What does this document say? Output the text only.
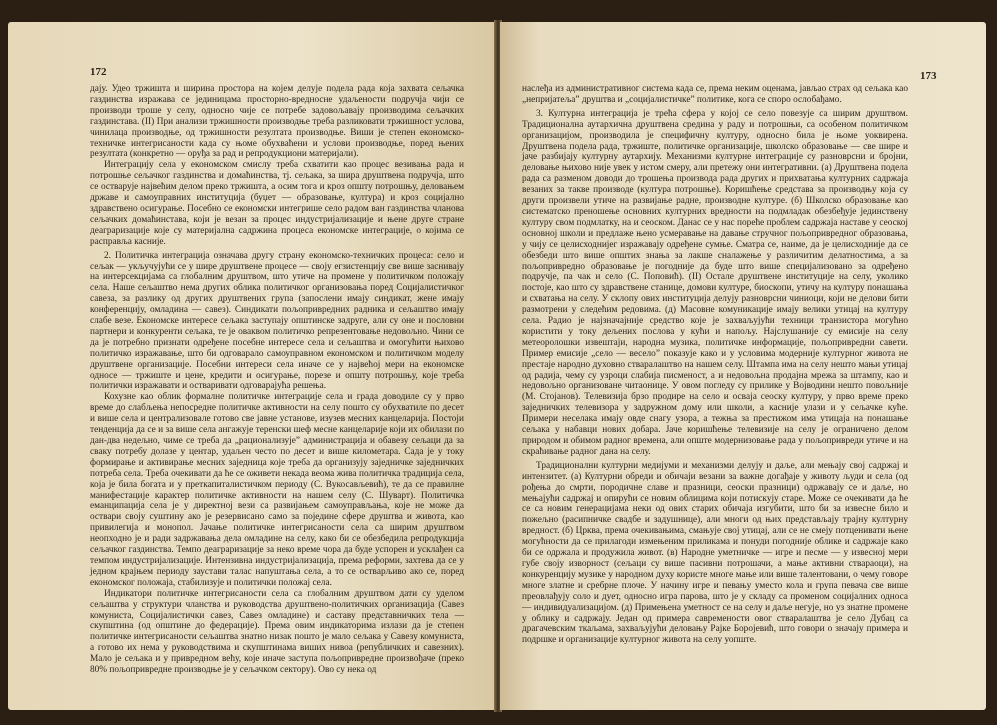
172

дају. Удео тржишта и ширина простора на којем делује подела рада која захвата сељачка газдинства изражава се јединицама просторно-вредносне удаљености подручја чији се производи троше у селу, односно чије се потребе задовољавају производима сељачких газдинстава. (II) При анализи тржишности производње треба разликовати тржишност услова, чинилаца производње, од тржишности резултата производње. Виши је степен економско-техничке интегрисаности када су њоме обухваћени и услови производње, поред њених резултата (конкретно — оруђа за рад и репродукциони материјали).

Интеграцију села у економском смислу треба схватити као процес везивања рада и потрошње сељачког газдинства и домаћинства, тј. сељака, за шира друштвена подручја, што се остварује највећим делом преко тржишта, а осим тога и кроз општу потрошњу, деловањем државе и самоуправних институција (буџет — образовање, култура) и кроз социјално здравствено осигурање. Посебно се економски интегрише село радом ван газдинства чланова сељачких домаћинстава, који је везан за процес индустријализације и њене друге стране деаграризације које су материјална садржина процеса економске интеграције, о којима се расправља касније.

2. Политичка интеграција означава другу страну економско-техничких процеса: село и сељак — укључујући се у шире друштвене процесе — своју егзистенцију све више заснивају на интерсекцијама са глобалним друштвом, што утиче на промене у политичком положају села. Наше сељаштво нема других облика политичког организовања поред Социјалистичког савеза, за разлику од других друштвених група (запослени имају синдикат, жене имају конференцију, омладина — савез). Синдикати пољопривредних радника и сељаштво имају слабе везе. Економске интересе сељака заступају општинске задруге, али су оне и пословни партнери и конкуренти сељака, те је оваквом политичко репрезентовање недовољно. Чини се да је потребно признати одређене посебне интересе села и сељаштва и омогућити њихово политичко изражавање, што би одговарало самоуправном економском и политичком моделу друштвене организације. Посебни интереси села иначе се у највећој мери на економске односе — тржиште и цене, кредити и осигурање, порезе и општу потрошњу, које треба политички изражавати и остваривати одговарајућа решења.

Кохузне као облик формалне политичке интеграције села и града доводиле су у прво време до слабљења непосредне политичке активности на селу пошто су обухватиле по десет и више села и централизовале готово све јавне установе, изузев месних канцеларија. Постоји тенденција да се и за више села ангажује теренски шеф месне канцеларије који их обилази по дан-два недељно, чиме се треба да „рационализује” администрација и обавезу сељаци да за свaку потребу долазе у центар, удаљен често по десет и више километара. Сада је у току формирање и активирање месних заједница које треба да организују заједничке заједничких потреба села. Треба очекивати да ће се оживети некада веома жива политичка традиција села, која је била богата и у преткапиталистичком периоду (С. Вукосављевић), те да се правилне манифестације карактер политичке активности на нашем селу (С. Шуварт). Политичка еманципација села је у директној вези са развијањем самоуправљања, које не може да оствари своју суштину ако је резервисано само за поједине сфере друштва и живота, као привилегија и монопол. Јачање политичке интегрисаности села са ширим друштвом неопходно је и ради задржавања дела омладине на селу, како би се обезбедила репродукција сељачког газдинства. Темпо деаграризације за неко време чора да буде успорен и усклађен са темпом индустријализације. Интензивна индустријализација, према реформи, захтева да се у једном крајњем периоду заустави талас напуштања села, а то се остварљиво ако се, поред економског положаја, стабилизује и политички положај села.

Индикатори политичке интегрисаности села са глобалним друштвом дати су уделом сељаштва у структури чланства и руководства друштвено-политичких организација (Савез комуниста, Социјалистички савез, Савез омладине) и саставу представничких тела — скупштина (од општине до федерације). Према овим индикаторима излази да је степен политичке интегрисаности сељаштва знатно низак пошто је мало сељака у Савезу комуниста, а готово их нема у руководствима и скупштинама виших нивоа (републичких и савезних). Мало је сељака и у привредном већу, које иначе заступа пољопривредне произвођаче (преко 80% пољопривредне производње је у сељачком сектору). Ово су нека од

173

наслеђа из административног система када се, према неким оценама, јављао страх од сељака као „непријатеља” друштва и „социјалистичке” политике, кога се споро ослобађамо.

3. Културна интеграција је трећа сфера у којој се село повезује са ширим друштвом. Традиционална аутархична друштвена средина у раду и потрошњи, са особеном политичком организацијом, производила је специфичну културу, односно била је њоме уоквирена. Друштвена подела рада, тржиште, политичке организације, школско образовање — све шире и јаче разбијају културну аутархију. Механизми културне интеграције су разноврсни и бројни, деловање њихово није увек у истом смеру, али претежу они интегративни. (а) Друштвена подела рада са разменом доводи до трошења производа рада других и прихватања културних садржаја везаних за такве производе (култура потрошње). Коришћење средстава за производњу која су други произвели утиче на развијање радне, производне културе. (б) Школско образовање као систематско преношење основних културних вредности на подмладак обезбеђује јединствену културу свом подмлатку, на и сеоском. Данас се у нас пореће проблем садржаја наставе у сеоској основној школи и предлаже њено усмеравање на давање стручног пољопривредног образовања, у чију се целисходнијег изражавају одређене сумње. Сматра се, наиме, да је целисходније да се обезбеди што више општих знања за лакше сналажење у различитим делатностима, а за пољопривредно образовање је погодније да буде што више специјализовано за одређено подручје, па чак и село (С. Поповић). (II) Остале друштвене институције на селу, уколико постоје, као што су здравствене станице, домови културе, биоскопи, утичу на културу понашања и схватања на селу. У склопу ових институција делују разноврсни чиниоци, који не делови бити размотрени у следећим редовима. (д) Масовне комуникације имају велики утицај на културу села. Радио је најзначајније средство које је захваљујући техници транзистора могућно користити у току дељених послова у кући и напољу. Најслушаније су емисије на селу метеоролошки извештаји, народна музика, политичке информације, пољопривредни савети. Пример емисије „село — весело” показује како и у условима модерније културног живота не престаје народно духовно стваралаштво на нашем селу. Штампа има на селу нешто мањи утицај од радија, чему су узроци слабија писменост, а и недовољна продајна мрежа за штампу, као и недовољно организоване читаонице. У овом погледу су прилике у Војводини нешто повољније (М. Стојанов). Телевизија брзо продире на село и освaја сеоску културу, у прво време преко заједничких телевизора у задружном дому или школи, а касније улази и у сељачке куће. Примери неселака имају овде снагу узора, а тежња за престижом има утицаја на понашање сељака у набавци нових добара. Јаче коришћење телевизије на селу је ограничено делом природом и обимом радног времена, али опште модернизовање рада у пољопривреди утиче и на скраћивање радног дана на селу.

Традиционални културни медијуми и механизми делују и даље, али мењају свој садржај и интензитет. (а) Културни обреди и обичаји везани за важне догађаје у животу људи и села (од рођења до смрти, породичне славе и празници, сеоски празници) одржавају се и даље, но мењајући садржај и опирући се новим облицима који потискују старе. Може се очекивати да ће се са новим генерацијама неки од ових старих обичаја изгубити, што би за извесне било и пожељно (расипничке свадбе и задушнице), али многи од њих представљају трајну културну вредност. (б) Црква, према очекивањима, смањује свој утицај, али се не смеју потценивати њене могућности да се прилагоди измењеним приликама и понуди погодније облике и садржаје како би се одржала и продужила живот. (в) Народне уметничке — игре и песме — у извесној мери губе своју изворност (сељаци су више пасивни потрошачи, а мање активни ствараоци), на конкуренцију музике у народном духу користе многе мање или више талентовани, о чему говоре многе златне и сребрне плоче. У начину игре и певању уместо кола и група певача све више преовлађују соло и дует, односно игра парова, што је у складу са променом социјалних односа — индивидуализацијом. (д) Примењена уметност се на селу и даље негује, но уз знатне промене у облику и садржају. Један од примера савремености овог стваралаштва је село Дубац са драгачевским ткаљама, захваљујући деловању Рајке Боројевић, што говори о значају примера и подршке и организације културног живота на селу уопште.
